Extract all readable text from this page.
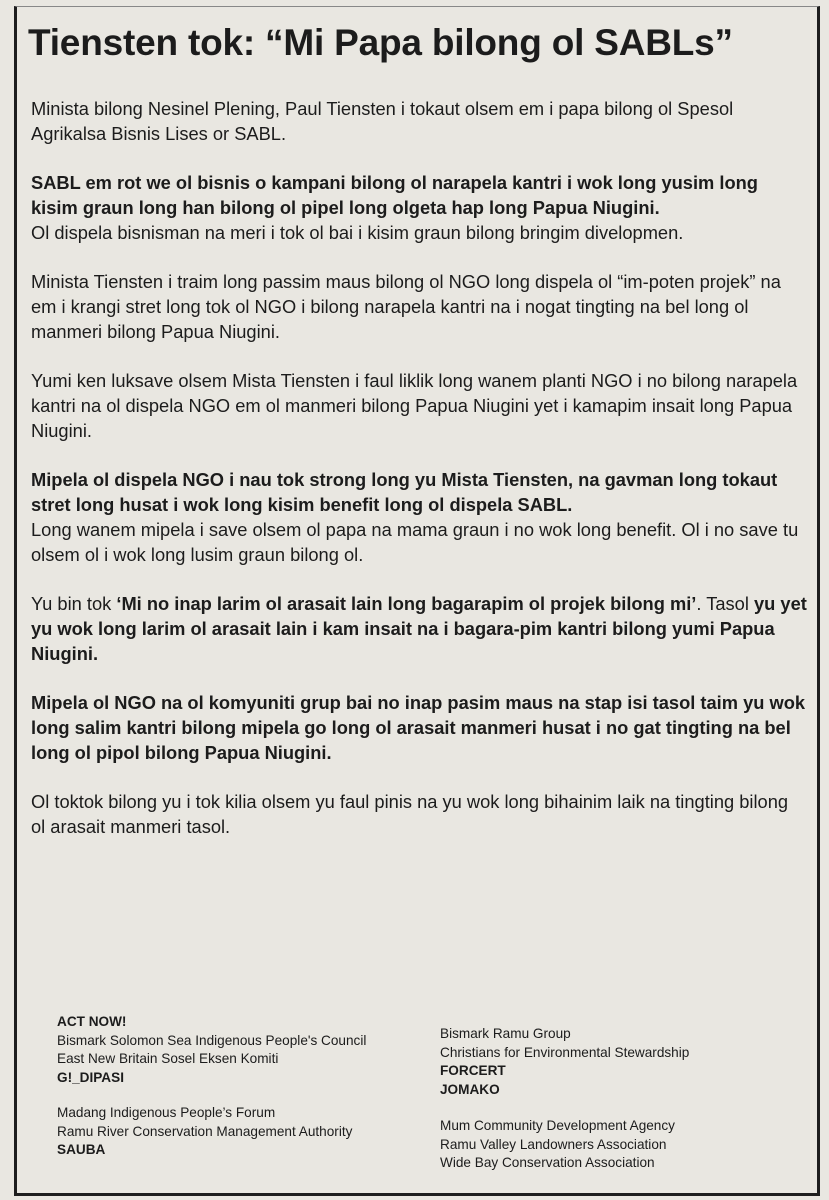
Tiensten tok: “Mi Papa bilong ol SABLs”

Minista bilong Nesinel Plening, Paul Tiensten i tokaut olsem em i papa bilong ol Spesol Agrikalsa Bisnis Lises or SABL.

SABL em rot we ol bisnis o kampani bilong ol narapela kantri i wok long yusim long kisim graun long han bilong ol pipel long olgeta hap long Papua Niugini.
Ol dispela bisnisman na meri i tok ol bai i kisim graun bilong bringim divelopmen.

Minista Tiensten i traim long passim maus bilong ol NGO long dispela ol “im-poten projek” na em i krangi stret long tok ol NGO i bilong narapela kantri na i nogat tingting na bel long ol manmeri bilong Papua Niugini.

Yumi ken luksave olsem Mista Tiensten i faul liklik long wanem planti NGO i no bilong narapela kantri na ol dispela NGO em ol manmeri bilong Papua Niugini yet i kamapim insait long Papua Niugini.

Mipela ol dispela NGO i nau tok strong long yu Mista Tiensten, na gavman long tokaut stret long husat i wok long kisim benefit long ol dispela SABL.
Long wanem mipela i save olsem ol papa na mama graun i no wok long benefit. Ol i no save tu olsem ol i wok long lusim graun bilong ol.

Yu bin tok ‘Mi no inap larim ol arasait lain long bagarapim ol projek bilong mi’. Tasol yu yet yu wok long larim ol arasait lain i kam insait na i bagara-pim kantri bilong yumi Papua Niugini.

Mipela ol NGO na ol komyuniti grup bai no inap pasim maus na stap isi tasol taim yu wok long salim kantri bilong mipela go long ol arasait manmeri husat i no gat tingting na bel long ol pipol bilong Papua Niugini.

Ol toktok bilong yu i tok kilia olsem yu faul pinis na yu wok long bihainim laik na tingting bilong ol arasait manmeri tasol.

ACT NOW!
Bismark Solomon Sea Indigenous People's Council
East New Britain Sosel Eksen Komiti
G!_DIPASI
Madang Indigenous People’s Forum
Ramu River Conservation Management Authority
SAUBA
Bismark Ramu Group
Christians for Environmental Stewardship
FORCERT
JOMAKO
Mum Community Development Agency
Ramu Valley Landowners Association
Wide Bay Conservation Association
